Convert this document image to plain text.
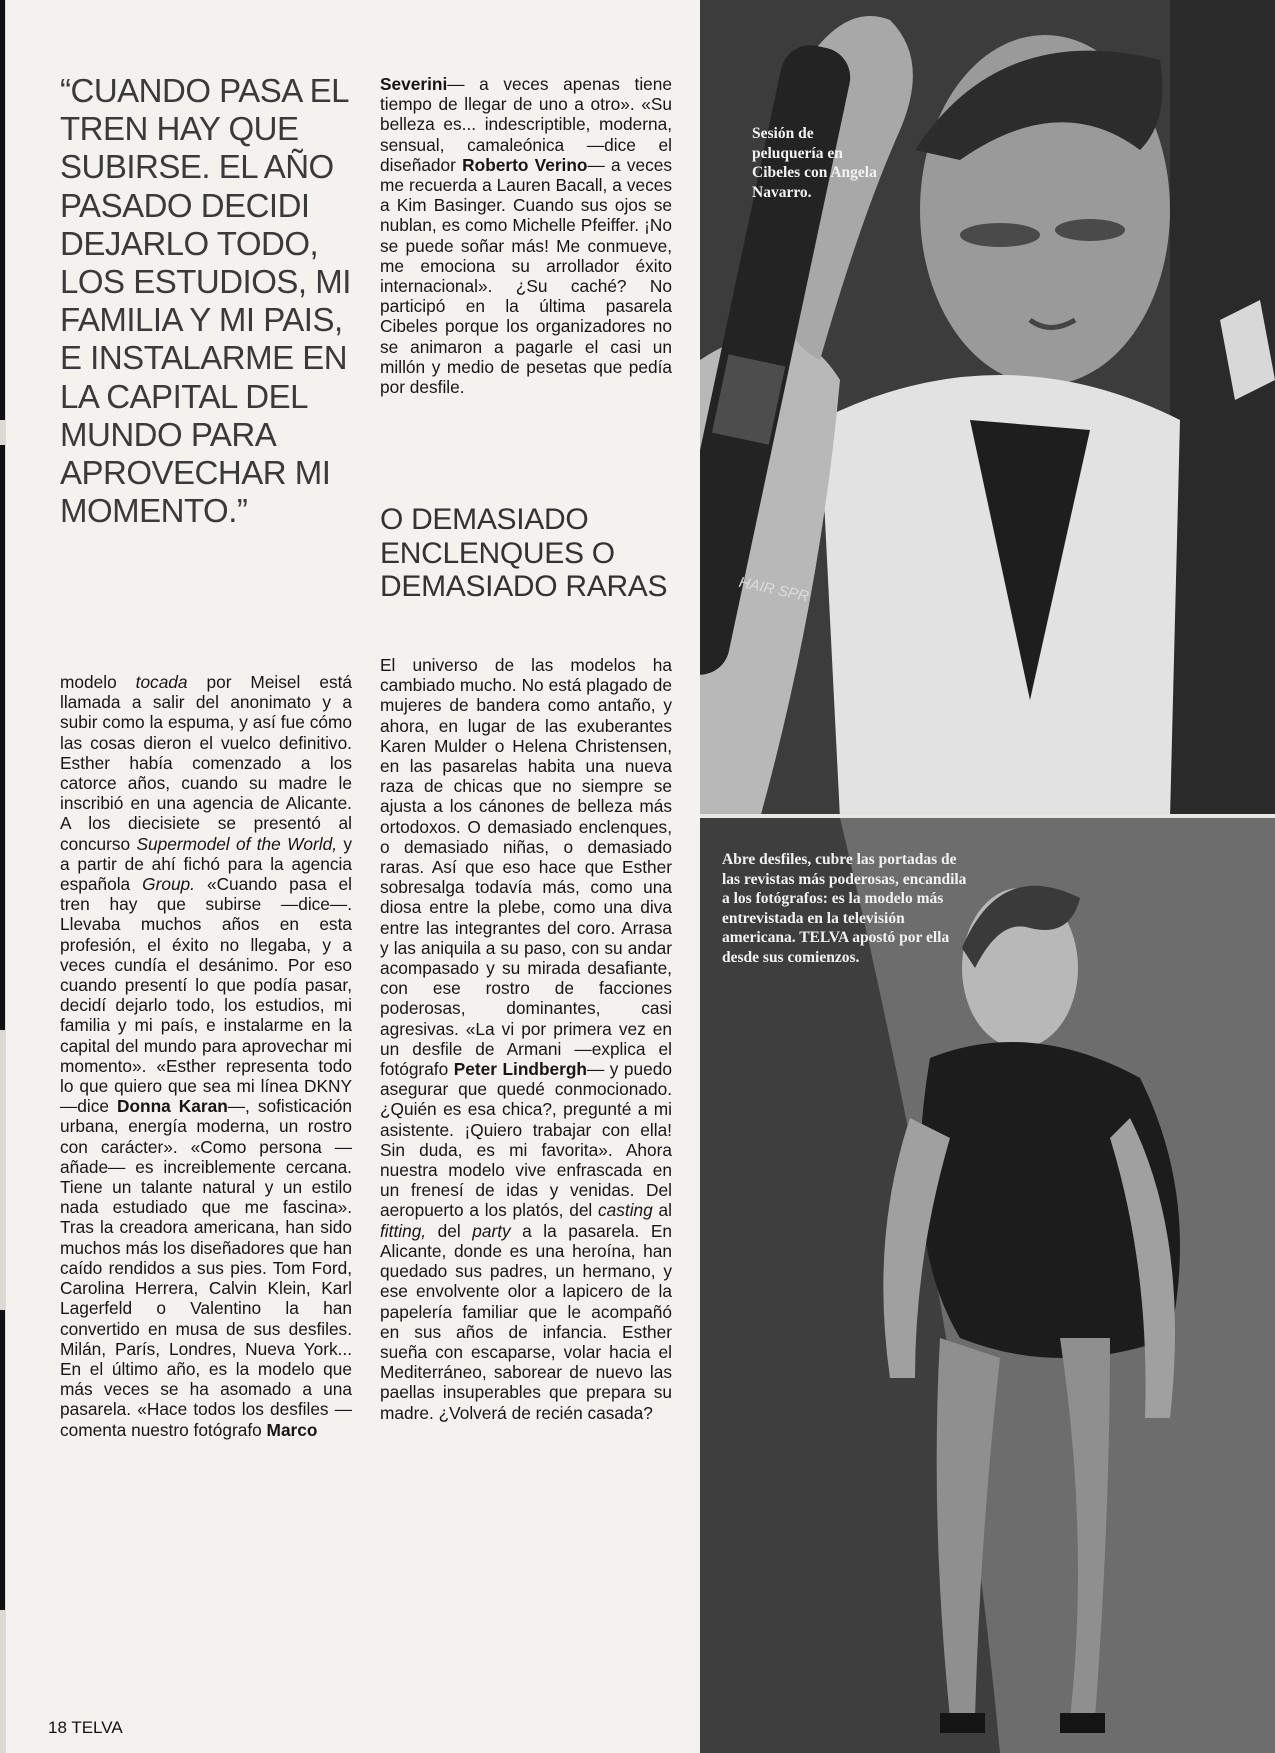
“CUANDO PASA EL TREN HAY QUE SUBIRSE. EL AÑO PASADO DECIDI DEJARLO TODO, LOS ESTUDIOS, MI FAMILIA Y MI PAIS, E INSTALARME EN LA CAPITAL DEL MUNDO PARA APROVECHAR MI MOMENTO.”

modelo tocada por Meisel está llamada a salir del anonimato y a subir como la espuma, y así fue cómo las cosas dieron el vuelco definitivo. Esther había comenzado a los catorce años, cuando su madre le inscribió en una agencia de Alicante. A los diecisiete se presentó al concurso Supermodel of the World, y a partir de ahí fichó para la agencia española Group. «Cuando pasa el tren hay que subirse —dice—. Llevaba muchos años en esta profesión, el éxito no llegaba, y a veces cundía el desánimo. Por eso cuando presentí lo que podía pasar, decidí dejarlo todo, los estudios, mi familia y mi país, e instalarme en la capital del mundo para aprovechar mi momento». «Esther representa todo lo que quiero que sea mi línea DKNY —dice Donna Karan—, sofisticación urbana, energía moderna, un rostro con carácter». «Como persona —añade— es increiblemente cercana. Tiene un talante natural y un estilo nada estudiado que me fascina». Tras la creadora americana, han sido muchos más los diseñadores que han caído rendidos a sus pies. Tom Ford, Carolina Herrera, Calvin Klein, Karl Lagerfeld o Valentino la han convertido en musa de sus desfiles. Milán, París, Londres, Nueva York... En el último año, es la modelo que más veces se ha asomado a una pasarela. «Hace todos los desfiles —comenta nuestro fotógrafo Marco

Severini— a veces apenas tiene tiempo de llegar de uno a otro». «Su belleza es... indescriptible, moderna, sensual, camaleónica —dice el diseñador Roberto Verino— a veces me recuerda a Lauren Bacall, a veces a Kim Basinger. Cuando sus ojos se nublan, es como Michelle Pfeiffer. ¡No se puede soñar más! Me conmueve, me emociona su arrollador éxito internacional». ¿Su caché? No participó en la última pasarela Cibeles porque los organizadores no se animaron a pagarle el casi un millón y medio de pesetas que pedía por desfile.

O DEMASIADO ENCLENQUES O DEMASIADO RARAS

El universo de las modelos ha cambiado mucho. No está plagado de mujeres de bandera como antaño, y ahora, en lugar de las exuberantes Karen Mulder o Helena Christensen, en las pasarelas habita una nueva raza de chicas que no siempre se ajusta a los cánones de belleza más ortodoxos. O demasiado enclenques, o demasiado niñas, o demasiado raras. Así que eso hace que Esther sobresalga todavía más, como una diosa entre la plebe, como una diva entre las integrantes del coro. Arrasa y las aniquila a su paso, con su andar acompasado y su mirada desafiante, con ese rostro de facciones poderosas, dominantes, casi agresivas. «La vi por primera vez en un desfile de Armani —explica el fotógrafo Peter Lindbergh— y puedo asegurar que quedé conmocionado. ¿Quién es esa chica?, pregunté a mi asistente. ¡Quiero trabajar con ella! Sin duda, es mi favorita». Ahora nuestra modelo vive enfrascada en un frenesí de idas y venidas. Del aeropuerto a los platós, del casting al fitting, del party a la pasarela. En Alicante, donde es una heroína, han quedado sus padres, un hermano, y ese envolvente olor a lapicero de la papelería familiar que le acompañó en sus años de infancia. Esther sueña con escaparse, volar hacia el Mediterráneo, saborear de nuevo las paellas insuperables que prepara su madre. ¿Volverá de recién casada?

HAIR SPR

Sesión de peluquería en Cibeles con Angela Navarro.

Abre desfiles, cubre las portadas de las revistas más poderosas, encandila a los fotógrafos: es la modelo más entrevistada en la televisión americana. TELVA apostó por ella desde sus comienzos.

18 TELVA
